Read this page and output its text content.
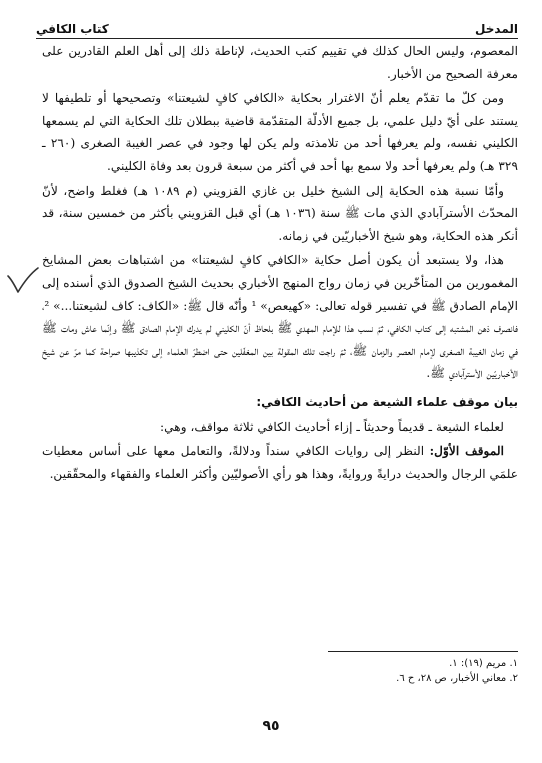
المدخل
كتاب الكافي

المعصوم، وليس الحال كذلك في تقييم كتب الحديث، لإناطة ذلك إلى أهل العلم القادرين على معرفة الصحيح من الأخبار.

ومن كلّ ما تقدّم يعلم أنّ الاغترار بحكاية «الكافي كافٍ لشيعتنا» وتصحيحها أو تلطيفها لا يستند على أيّ دليل علمي، بل جميع الأدلّة المتقدّمة قاضية ببطلان تلك الحكاية التي لم يسمعها الكليني نفسه، ولم يعرفها أحد من تلامذته ولم يكن لها وجود في عصر الغيبة الصغرى (٢٦٠ ـ ٣٢٩ هـ) ولم يعرفها أحد ولا سمع بها أحد في أكثر من سبعة قرون بعد وفاة الكليني.

وأمّا نسبة هذه الحكاية إلى الشيخ خليل بن غازي القزويني (م ١٠٨٩ هـ) فغلط واضح، لأنّ المحدّث الأسترآبادي الذي مات ﷺ سنة (١٠٣٦ هـ) أي قبل القزويني بأكثر من خمسين سنة، قد أنكر هذه الحكاية، وهو شيخ الأخباريّين في زمانه.

هذا، ولا يستبعد أن يكون أصل حكاية «الكافي كافٍ لشيعتنا» من اشتباهات بعض المشايخ المغمورين من المتأخّرين في زمان رواج المنهج الأخباري بحديث الشيخ الصدوق الذي أسنده إلى الإمام الصادق ﷺ في تفسير قوله تعالى: «كهيعص» ¹ وأنّه قال ﷺ: «الكاف: كاف لشيعتنا...» ²، فانصرف ذهن المشتبه إلى كتاب الكافي، ثمّ نسب هذا للإمام المهدي ﷺ بلحاظ أنّ الكليني لم يدرك الإمام الصادق ﷺ وإنّما عاش ومات ﷺ في زمان الغيبة الصغرى لإمام العصر والزمان ﷺ، ثمّ راجت تلك المقولة بين المغفّلين حتى اضطرّ العلماء إلى تكذيبها صراحة كما مرّ عن شيخ الأخباريّين الأسترآبادي ﷺ.

بيان موقف علماء الشيعة من أحاديث الكافي:

لعلماء الشيعة ـ قديماً وحديثاً ـ إزاء أحاديث الكافي ثلاثة مواقف، وهي:

الموقف الأوّل: النظر إلى روايات الكافي سنداً ودلالةً، والتعامل معها على أساس معطيات علمَي الرجال والحديث درايةً وروايةً، وهذا هو رأي الأصوليّين وأكثر العلماء والفقهاء والمحقّقين.

١. مريم (١٩): ١.
٢. معاني الأخبار، ص ٢٨، ح ٦.
٩٥
